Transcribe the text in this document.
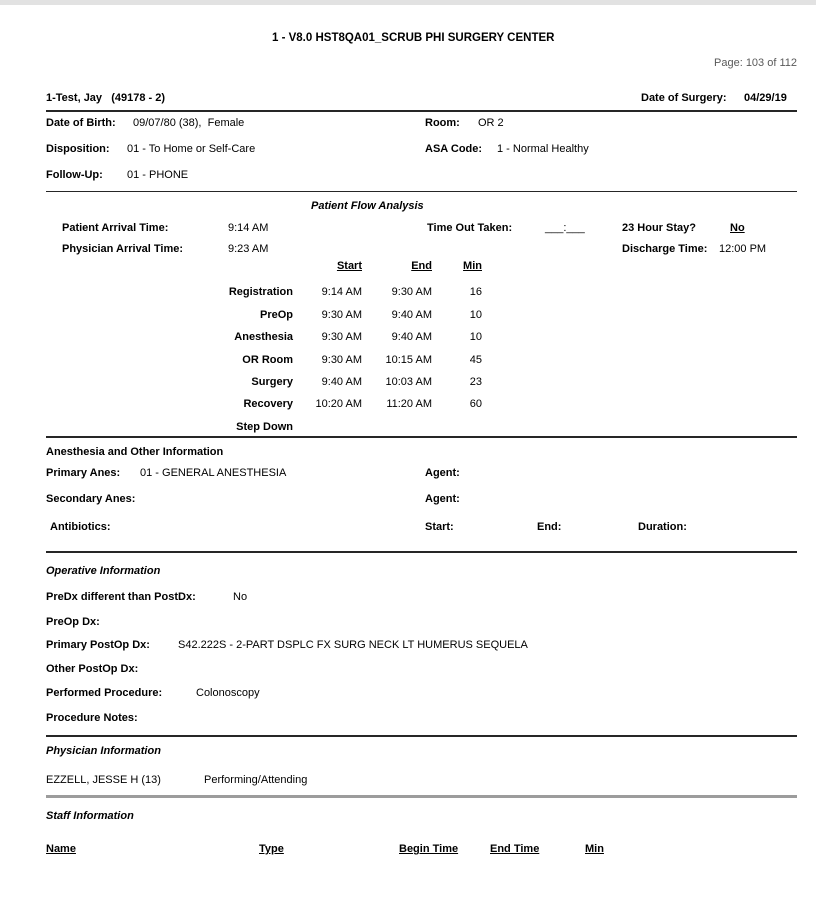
1 - V8.0 HST8QA01_SCRUB PHI SURGERY CENTER
Page: 103 of 112
1-Test, Jay   (49178 - 2)	Date of Surgery: 04/29/19
Date of Birth: 09/07/80 (38),  Female	Room: OR 2
Disposition: 01 - To Home or Self-Care	ASA Code: 1 - Normal Healthy
Follow-Up: 01 - PHONE
Patient Flow Analysis
Patient Arrival Time:	9:14 AM	Time Out Taken:	___:___	23 Hour Stay?	No
Physician Arrival Time:	9:23 AM	Discharge Time: 12:00 PM
Start	End	Min
Registration	9:14 AM	9:30 AM	16
PreOp	9:30 AM	9:40 AM	10
Anesthesia	9:30 AM	9:40 AM	10
OR Room	9:30 AM	10:15 AM	45
Surgery	9:40 AM	10:03 AM	23
Recovery	10:20 AM	11:20 AM	60
Step Down
Anesthesia and Other Information
Primary Anes: 01 - GENERAL ANESTHESIA	Agent:
Secondary Anes:	Agent:
Antibiotics:	Start:	End:	Duration:
Operative Information
PreDx different than PostDx:	No
PreOp Dx:
Primary PostOp Dx:	S42.222S - 2-PART DSPLC FX SURG NECK LT HUMERUS SEQUELA
Other PostOp Dx:
Performed Procedure:	Colonoscopy
Procedure Notes:
Physician Information
EZZELL, JESSE H (13)	Performing/Attending
Staff Information
Name	Type	Begin Time	End Time	Min
